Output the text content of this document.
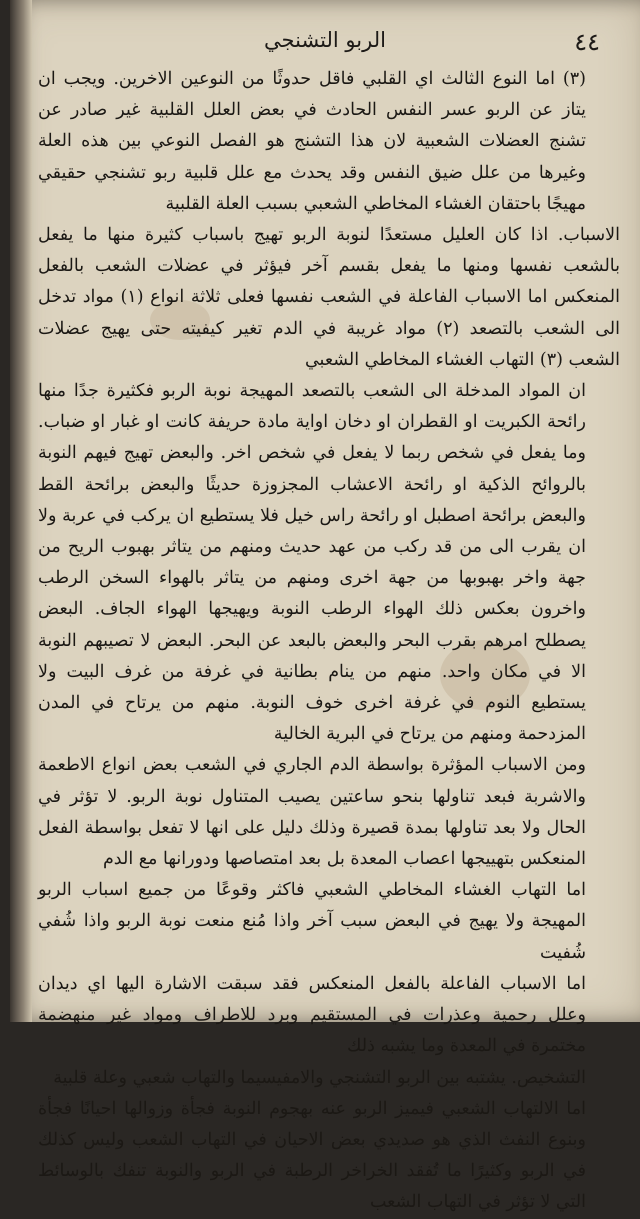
٤٤
الربو التشنجي

(٣) اما النوع الثالث اي القلبي فاقل حدوثًا من النوعين الاخرين. ويجب ان يتاز عن الربو عسر النفس الحادث في بعض العلل القلبية غير صادر عن تشنج العضلات الشعبية لان هذا التشنج هو الفصل النوعي بين هذه العلة وغيرها من علل ضيق النفس وقد يحدث مع علل قلبية ربو تشنجي حقيقي مهيجًا باحتقان الغشاء المخاطي الشعبي بسبب العلة القلبية

الاسباب. اذا كان العليل مستعدًا لنوبة الربو تهيج باسباب كثيرة منها ما يفعل بالشعب نفسها ومنها ما يفعل بقسم آخر فيؤثر في عضلات الشعب بالفعل المنعكس اما الاسباب الفاعلة في الشعب نفسها فعلى ثلاثة انواع (١) مواد تدخل الى الشعب بالتصعد (٢) مواد غريبة في الدم تغير كيفيته حتى يهيج عضلات الشعب (٣) التهاب الغشاء المخاطي الشعبي

ان المواد المدخلة الى الشعب بالتصعد المهيجة نوبة الربو فكثيرة جدًا منها رائحة الكبريت او القطران او دخان اواية مادة حريفة كانت او غبار او ضباب. وما يفعل في شخص ربما لا يفعل في شخص اخر. والبعض تهيج فيهم النوبة بالروائح الذكية او رائحة الاعشاب المجزوزة حديثًا والبعض برائحة القط والبعض برائحة اصطبل او رائحة راس خيل فلا يستطيع ان يركب في عربة ولا ان يقرب الى من قد ركب من عهد حديث ومنهم من يتاثر بهبوب الريح من جهة واخر بهبوبها من جهة اخرى ومنهم من يتاثر بالهواء السخن الرطب واخرون بعكس ذلك الهواء الرطب النوبة ويهيجها الهواء الجاف. البعض يصطلح امرهم بقرب البحر والبعض بالبعد عن البحر. البعض لا تصيبهم النوبة الا في مكان واحد. منهم من ينام بطانية في غرفة من غرف البيت ولا يستطيع النوم في غرفة اخرى خوف النوبة. منهم من يرتاح في المدن المزدحمة ومنهم من يرتاح في البرية الخالية

ومن الاسباب المؤثرة بواسطة الدم الجاري في الشعب بعض انواع الاطعمة والاشربة فبعد تناولها بنحو ساعتين يصيب المتناول نوبة الربو. لا تؤثر في الحال ولا بعد تناولها بمدة قصيرة وذلك دليل على انها لا تفعل بواسطة الفعل المنعكس بتهييجها اعصاب المعدة بل بعد امتصاصها ودورانها مع الدم

اما التهاب الغشاء المخاطي الشعبي فاكثر وقوعًا من جميع اسباب الربو المهيجة ولا يهيج في البعض سبب آخر واذا مُنع منعت نوبة الربو واذا شُفي شُفيت

اما الاسباب الفاعلة بالفعل المنعكس فقد سبقت الاشارة اليها اي ديدان وعلل رحمية وعذرات في المستقيم وبرد للاطراف ومواد غير منهضمة مختمرة في المعدة وما يشبه ذلك

التشخيص. يشتبه بين الربو التشنجي والامفيسيما والتهاب شعبي وعلة قلبية

اما الالتهاب الشعبي فيميز الربو عنه بهجوم النوبة فجأة وزوالها احيانًا فجأة وبنوع النفث الذي هو صديدي بعض الاحيان في التهاب الشعب وليس كذلك في الربو وكثيرًا ما تُفقد الخراخر الرطبة في الربو والنوبة تنفك بالوسائط التي لا تؤثر في التهاب الشعب
